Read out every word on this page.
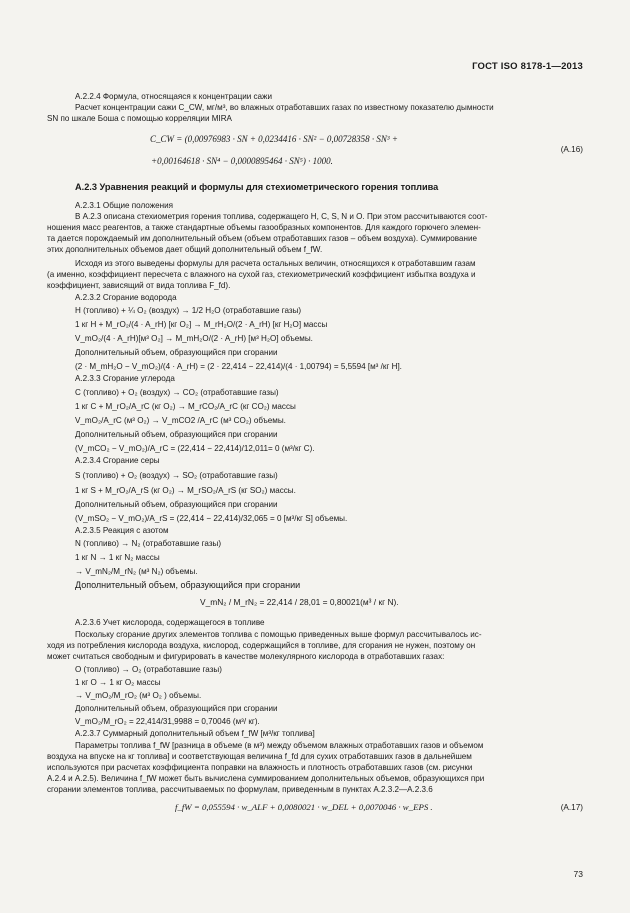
ГОСТ ISO 8178-1—2013
А.2.2.4 Формула, относящаяся к концентрации сажи
Расчет концентрации сажи C_CW, мг/м³, во влажных отработавших газах по известному показателю дымности
SN по шкале Боша с помощью корреляции MIRA
C_CW = (0,00976983 · SN + 0,0234416 · SN² − 0,00728358 · SN³ +
+0,00164618 · SN⁴ − 0,0000895464 · SN⁵) · 1000.
(A.16)
А.2.3 Уравнения реакций и формулы для стехиометрического горения топлива
А.2.3.1 Общие положения
В А.2.3 описана стехиометрия горения топлива, содержащего H, C, S, N и O. При этом рассчитываются соот-
ношения масс реагентов, а также стандартные объемы газообразных компонентов. Для каждого горючего элемен-
та дается порождаемый им дополнительный объем (объем отработавших газов – объем воздуха). Суммирование
этих дополнительных объемов дает общий дополнительный объем f_fW.
Исходя из этого выведены формулы для расчета остальных величин, относящихся к отработавшим газам
(а именно, коэффициент пересчета с влажного на сухой газ, стехиометрический коэффициент избытка воздуха и
коэффициент, зависящий от вида топлива F_fd).
А.2.3.2 Сгорание водорода
H (топливо) + ¼ O₂ (воздух) → 1/2 H₂O (отработавшие газы)
1 кг H + M_rO₂/(4 · A_rH) [кг O₂] → M_rH₂O/(2 · A_rH) [кг H₂O] массы
V_mO₂/(4 · A_rH)[м³ O₂] → M_mH₂O/(2 · A_rH) [м³ H₂O] объемы.
Дополнительный объем, образующийся при сгорании
(2 · M_mH₂O − V_mO₂)/(4 · A_rH) = (2 · 22,414 − 22,414)/(4 · 1,00794) = 5,5594 [м³ /кг H].
А.2.3.3 Сгорание углерода
C (топливо) + O₂ (воздух) → CO₂ (отработавшие газы)
1 кг C + M_rO₂/A_rC (кг O₂) → M_rCO₂/A_rC (кг CO₂) массы
V_mO₂/A_rC (м³ O₂) → V_mCO2 /A_rC (м³ CO₂) объемы.
Дополнительный объем, образующийся при сгорании
(V_mCO₂ − V_mO₂)/A_rC = (22,414 − 22,414)/12,011= 0 (м³/кг C).
А.2.3.4 Сгорание серы
S (топливо) + O₂ (воздух) → SO₂ (отработавшие газы)
1 кг S + M_rO₂/A_rS (кг O₂) → M_rSO₂/A_rS (кг SO₂) массы.
Дополнительный объем, образующийся при сгорании
(V_mSO₂ − V_mO₂)/A_rS = (22,414 − 22,414)/32,065 = 0 [м³/кг S] объемы.
А.2.3.5 Реакция с азотом
N (топливо) → N₂ (отработавшие газы)
1 кг N → 1 кг N₂ массы
→ V_mN₂/M_rN₂ (м³ N₂) объемы.
Дополнительный объем, образующийся при сгорании
V_mN₂ / M_rN₂ = 22,414 / 28,01 = 0,80021(м³ / кг N).
А.2.3.6 Учет кислорода, содержащегося в топливе
Поскольку сгорание других элементов топлива с помощью приведенных выше формул рассчитывалось ис-
ходя из потребления кислорода воздуха, кислород, содержащийся в топливе, для сгорания не нужен, поэтому он
может считаться свободным и фигурировать в качестве молекулярного кислорода в отработавших газах:
O (топливо) → O₂ (отработавшие газы)
1 кг O → 1 кг O₂ массы
→ V_mO₂/M_rO₂ (м³ O₂ ) объемы.
Дополнительный объем, образующийся при сгорании
V_mO₂/M_rO₂ = 22,414/31,9988 = 0,70046 (м³/ кг).
А.2.3.7 Суммарный дополнительный объем f_fW [м³/кг топлива]
Параметры топлива f_fW [разница в объеме (в м³) между объемом влажных отработавших газов и объемом
воздуха на впуске на кг топлива] и соответствующая величина f_fd для сухих отработавших газов в дальнейшем
используются при расчетах коэффициента поправки на влажность и плотность отработавших газов (см. рисунки
А.2.4 и А.2.5). Величина f_fW может быть вычислена суммированием дополнительных объемов, образующихся при
сгорании элементов топлива, рассчитываемых по формулам, приведенным в пунктах А.2.3.2—А.2.3.6
f_fW = 0,055594 · w_ALF + 0,0080021 · w_DEL + 0,0070046 · w_EPS .	(A.17)
73
